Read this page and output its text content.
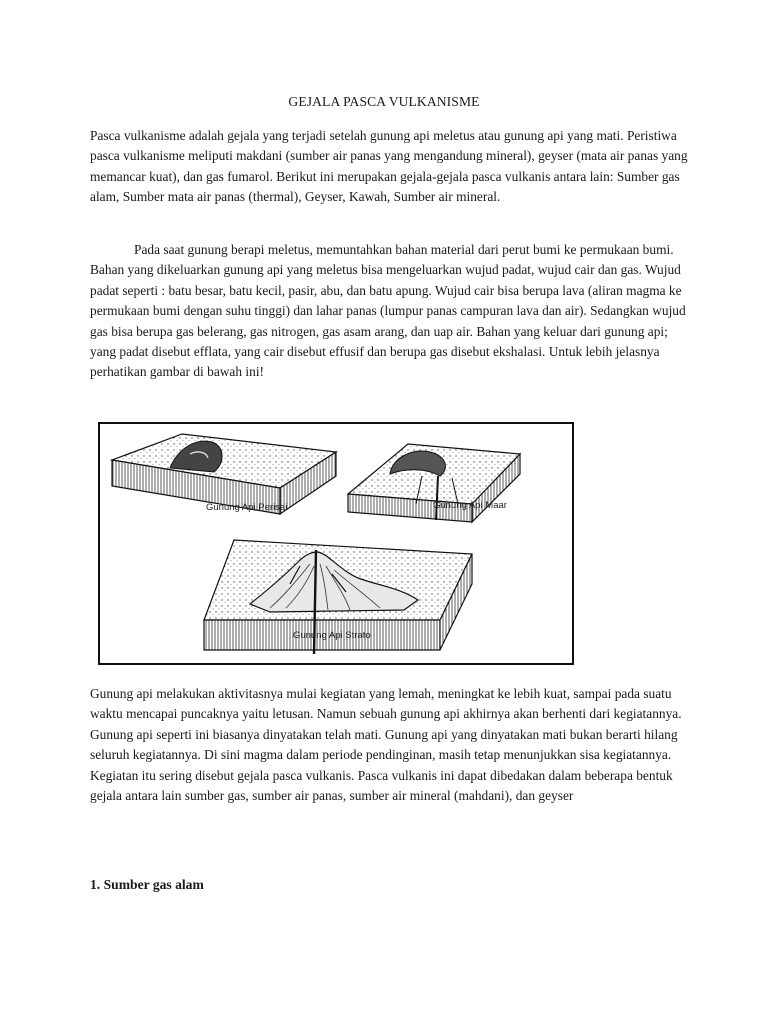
GEJALA PASCA VULKANISME

Pasca vulkanisme adalah gejala yang terjadi setelah gunung api meletus atau gunung api yang mati. Peristiwa pasca vulkanisme meliputi makdani (sumber air panas yang mengandung mineral), geyser (mata air panas yang memancar kuat), dan gas fumarol. Berikut ini merupakan gejala-gejala pasca vulkanis antara lain: Sumber gas alam, Sumber mata air panas (thermal), Geyser, Kawah, Sumber air mineral.

Pada saat gunung berapi meletus, memuntahkan bahan material dari perut bumi ke permukaan bumi. Bahan yang dikeluarkan gunung api yang meletus bisa mengeluarkan wujud padat, wujud cair dan gas. Wujud padat seperti : batu besar, batu kecil, pasir, abu, dan batu apung. Wujud cair bisa berupa lava (aliran magma ke permukaan bumi dengan suhu tinggi) dan lahar panas (lumpur panas campuran lava dan air). Sedangkan wujud gas bisa berupa gas belerang, gas nitrogen, gas asam arang, dan uap air. Bahan yang keluar dari gunung api; yang padat disebut efflata, yang cair disebut effusif dan berupa gas disebut ekshalasi. Untuk lebih jelasnya perhatikan gambar di bawah ini!

Gunung Api Perisai	Gunung Api Maar
Gunung Api Strato

Gunung api melakukan aktivitasnya mulai kegiatan yang lemah, meningkat ke lebih kuat, sampai pada suatu waktu mencapai puncaknya yaitu letusan. Namun sebuah gunung api akhirnya akan berhenti dari kegiatannya. Gunung api seperti ini biasanya dinyatakan telah mati. Gunung api yang dinyatakan mati bukan berarti hilang seluruh kegiatannya. Di sini magma dalam periode pendinginan, masih tetap menunjukkan sisa kegiatannya. Kegiatan itu sering disebut gejala pasca vulkanis. Pasca vulkanis ini dapat dibedakan dalam beberapa bentuk gejala antara lain sumber gas, sumber air panas, sumber air mineral (mahdani), dan geyser

1. Sumber gas alam
